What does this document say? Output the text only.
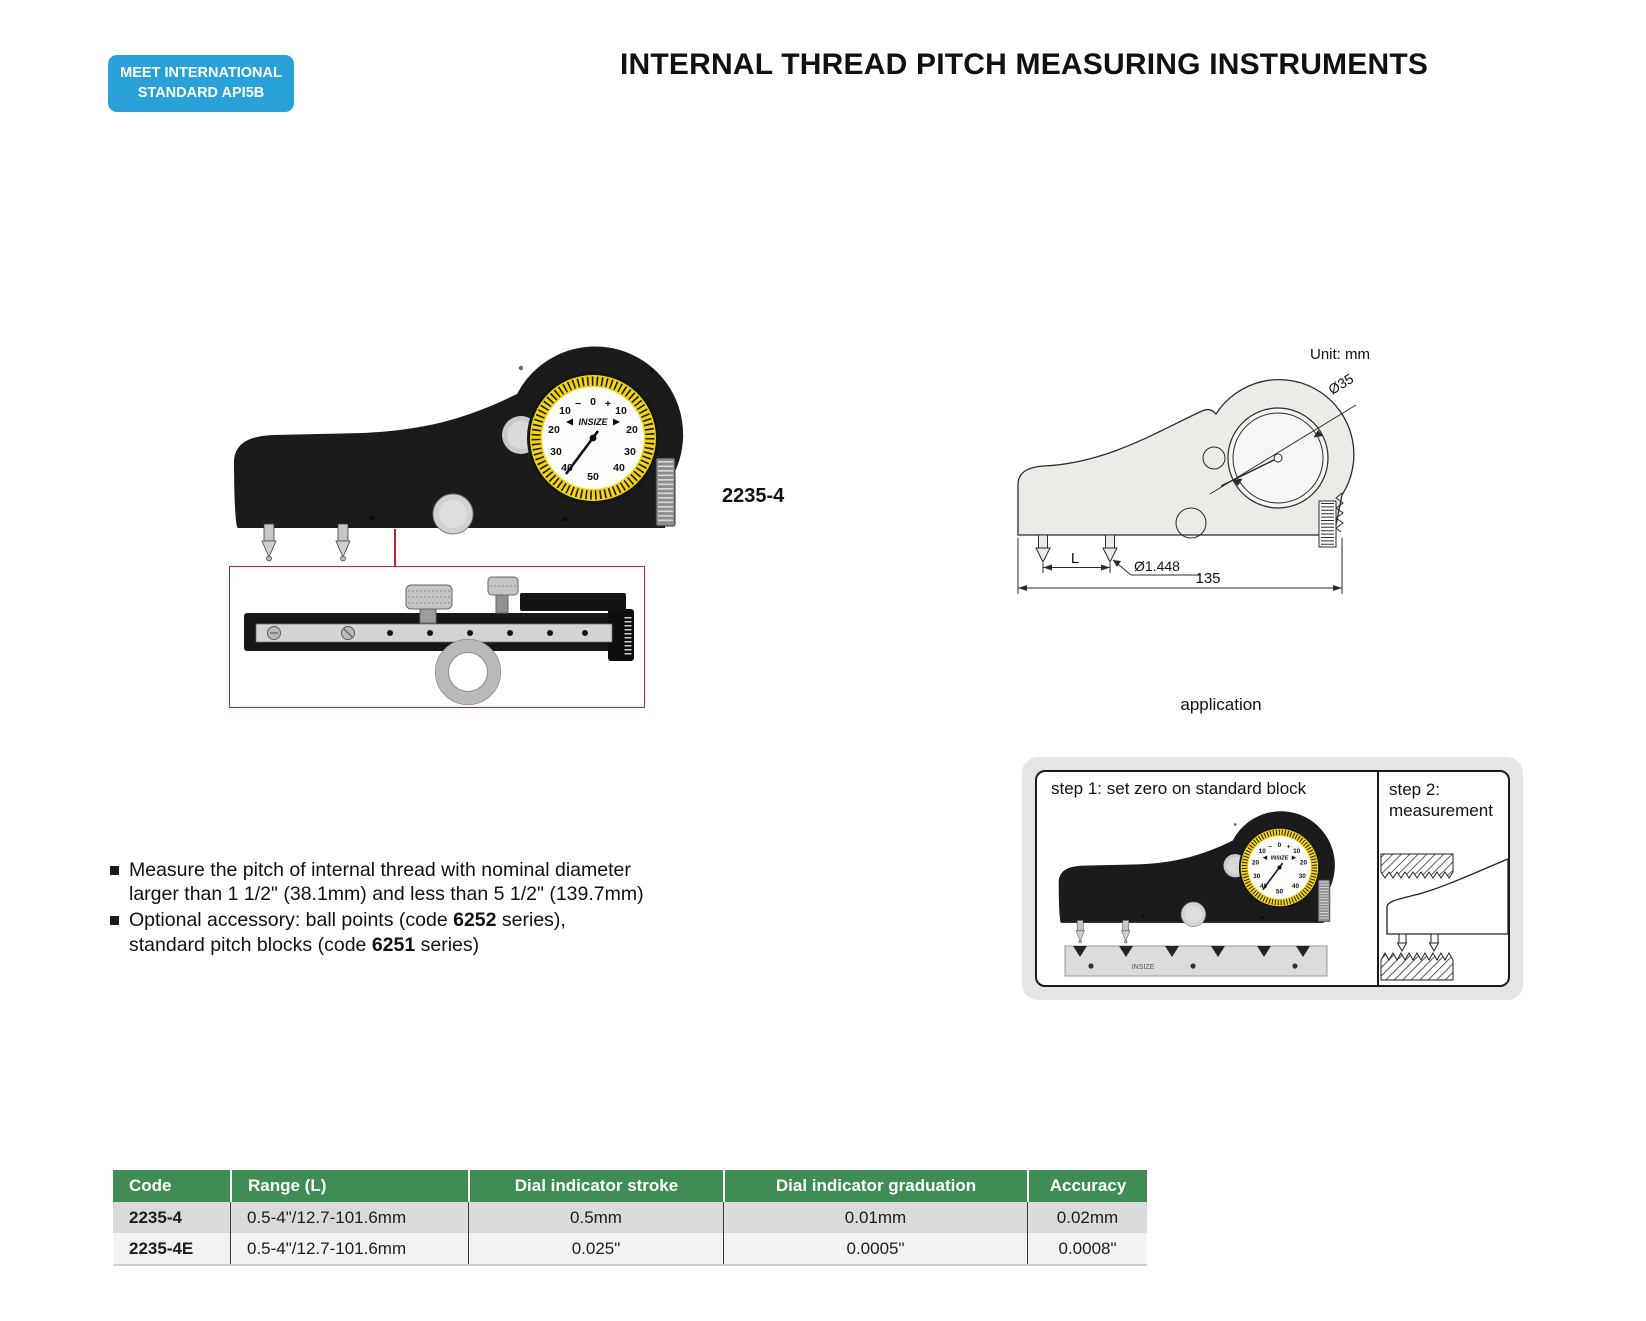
MEET INTERNATIONAL
STANDARD API5B
INTERNAL THREAD PITCH MEASURING INSTRUMENTS
2235-4
Unit: mm
L	Ø1.448
135
Ø35
application
step 1: set zero on standard block	step 2:
measurement
INSIZE
Measure the pitch of internal thread with nominal diameter
larger than 1 1/2" (38.1mm) and less than 5 1/2" (139.7mm)
Optional accessory: ball points (code 6252 series),
standard pitch blocks (code 6251 series)
Code	Range (L)	Dial indicator stroke	Dial indicator graduation	Accuracy
2235-4	0.5-4"/12.7-101.6mm	0.5mm	0.01mm	0.02mm
2235-4E	0.5-4"/12.7-101.6mm	0.025"	0.0005"	0.0008"
